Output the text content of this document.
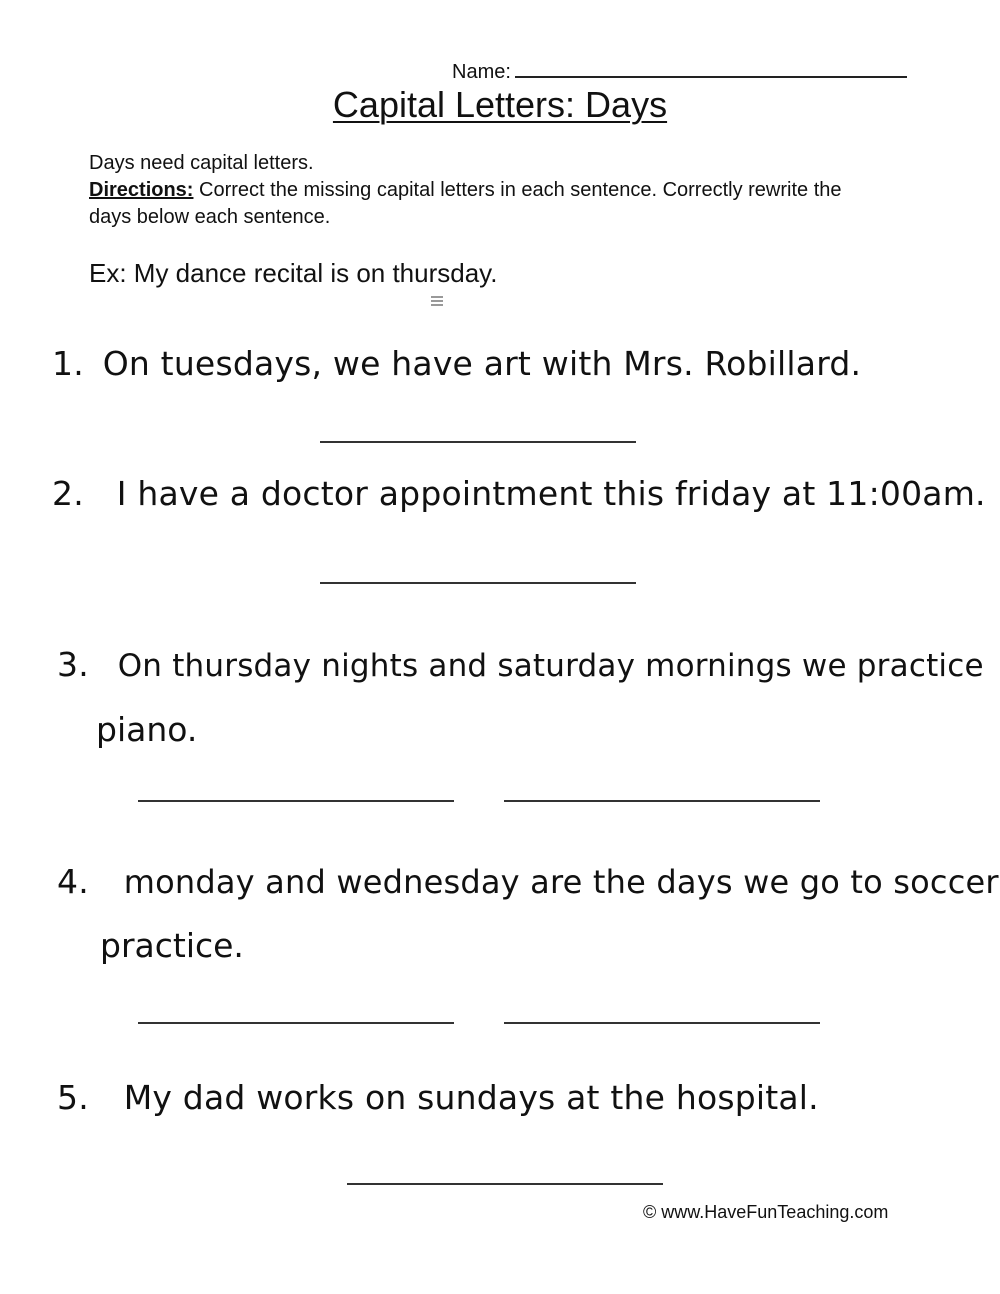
Name:
Capital Letters: Days
Days need capital letters.
Directions: Correct the missing capital letters in each sentence. Correctly rewrite the days below each sentence.
Ex: My dance recital is on thursday.
1. On tuesdays, we have art with Mrs. Robillard.
2. I have a doctor appointment this friday at 11:00am.
3. On thursday nights and saturday mornings we practice
piano.
4. monday and wednesday are the days we go to soccer
practice.
5. My dad works on sundays at the hospital.
© www.HaveFunTeaching.com
